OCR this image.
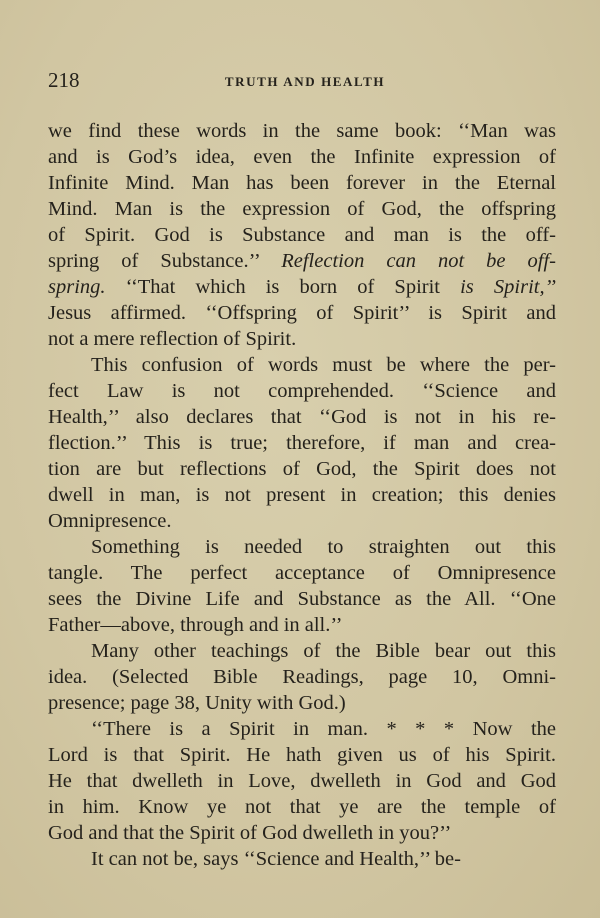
218	TRUTH AND HEALTH
we find these words in the same book: ‘‘Man was
and is God’s idea, even the Infinite expression of
Infinite Mind. Man has been forever in the Eternal
Mind. Man is the expression of God, the offspring
of Spirit. God is Substance and man is the off-
spring of Substance.’’ Reflection can not be off-
spring. ‘‘That which is born of Spirit is Spirit,’’
Jesus affirmed. ‘‘Offspring of Spirit’’ is Spirit and
not a mere reflection of Spirit.
This confusion of words must be where the per-
fect Law is not comprehended. ‘‘Science and
Health,’’ also declares that ‘‘God is not in his re-
flection.’’ This is true; therefore, if man and crea-
tion are but reflections of God, the Spirit does not
dwell in man, is not present in creation; this denies
Omnipresence.
Something is needed to straighten out this
tangle. The perfect acceptance of Omnipresence
sees the Divine Life and Substance as the All. ‘‘One
Father—above, through and in all.’’
Many other teachings of the Bible bear out this
idea. (Selected Bible Readings, page 10, Omni-
presence; page 38, Unity with God.)
‘‘There is a Spirit in man. * * * Now the
Lord is that Spirit. He hath given us of his Spirit.
He that dwelleth in Love, dwelleth in God and God
in him. Know ye not that ye are the temple of
God and that the Spirit of God dwelleth in you?’’
It can not be, says ‘‘Science and Health,’’ be-
